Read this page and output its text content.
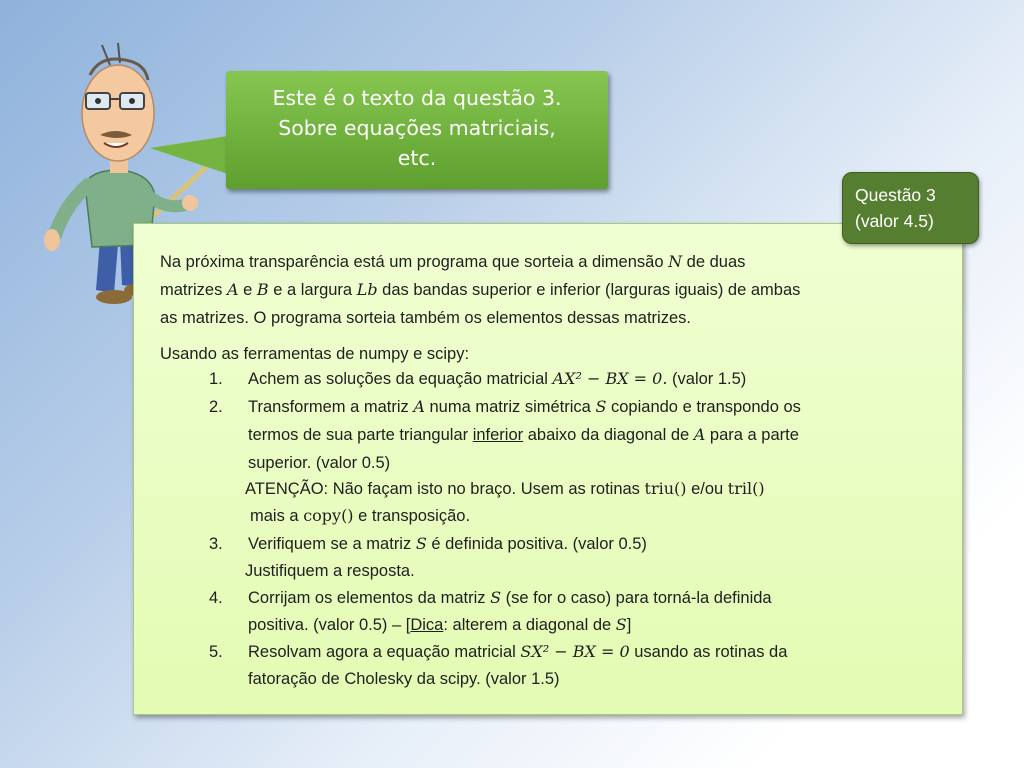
Este é o texto da questão 3.
Sobre equações matriciais,
etc.
Na próxima transparência está um programa que sorteia a dimensão N de duas
matrizes A e B e a largura Lb das bandas superior e inferior (larguras iguais) de ambas
as matrizes. O programa sorteia também os elementos dessas matrizes.
Usando as ferramentas de numpy e scipy:
1. Achem as soluções da equação matricial AX² − BX = 0. (valor 1.5)
2. Transformem a matriz A numa matriz simétrica S copiando e transpondo os
termos de sua parte triangular inferior abaixo da diagonal de A para a parte
superior. (valor 0.5)
ATENÇÃO: Não façam isto no braço. Usem as rotinas triu() e/ou tril()
mais a copy() e transposição.
3. Verifiquem se a matriz S é definida positiva. (valor 0.5)
Justifiquem a resposta.
4. Corrijam os elementos da matriz S (se for o caso) para torná-la definida
positiva. (valor 0.5) – [Dica: alterem a diagonal de S]
5. Resolvam agora a equação matricial SX² − BX = 0 usando as rotinas da
fatoração de Cholesky da scipy. (valor 1.5)
Questão 3
(valor 4.5)
